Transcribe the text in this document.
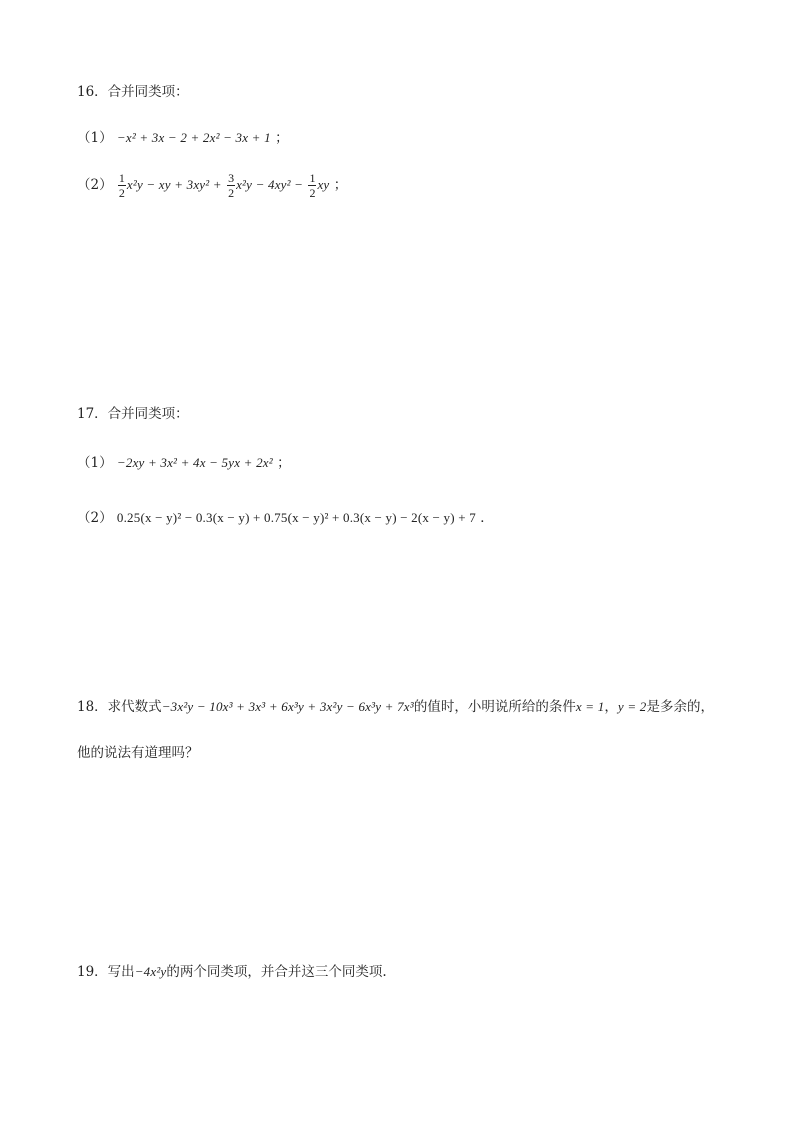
16．合并同类项：
（1） −x² + 3x − 2 + 2x² − 3x + 1 ；
$(2) \frac{1}{2} x^2y$ − xy + $3xy^2 + \frac{3}{2} x^2y - 4xy^2 - \frac{1}{2}$ xy ；
17．合并同类项：
（1） −2xy + 3x² + 4x − 5yx + 2x² ；
（2） 0.25(x − y)² − 0.3(x − y) + 0.75(x − y)² + 0.3(x − y) − 2(x − y) + 7 ．
18．求代数式−3x²y − 10x³ + 3x³ + 6x³y + 3x²y − 6x³y + 7x³的值时，小明说所给的条件x = 1，y = 2是多余的，
他的说法有道理吗？
19．写出−4x²y的两个同类项，并合并这三个同类项.
